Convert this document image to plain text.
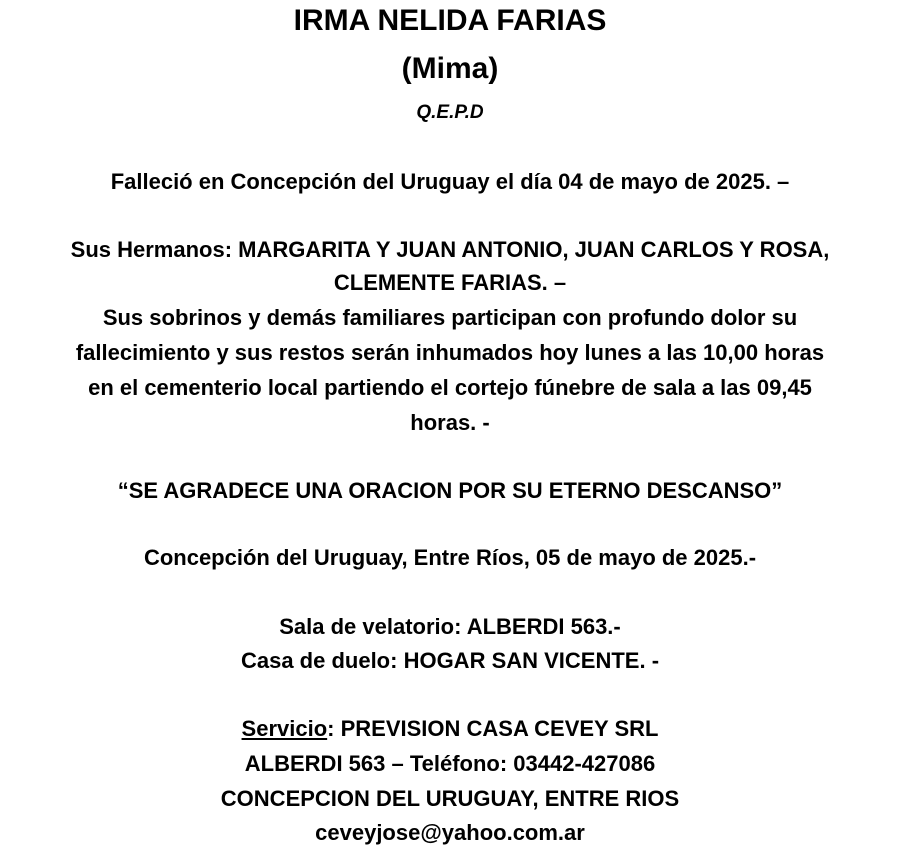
IRMA NELIDA FARIAS
(Mima)
Q.E.P.D
Falleció en Concepción del Uruguay el día 04 de mayo de 2025. –
Sus Hermanos: MARGARITA Y JUAN ANTONIO, JUAN CARLOS Y ROSA,
CLEMENTE FARIAS. –
Sus sobrinos y demás familiares participan con profundo dolor su
fallecimiento y sus restos serán inhumados hoy lunes a las 10,00 horas
en el cementerio local partiendo el cortejo fúnebre de sala a las 09,45
horas. -
“SE AGRADECE UNA ORACION POR SU ETERNO DESCANSO”
Concepción del Uruguay, Entre Ríos, 05 de mayo de 2025.-
Sala de velatorio: ALBERDI 563.-
Casa de duelo: HOGAR SAN VICENTE. -
Servicio: PREVISION CASA CEVEY SRL
ALBERDI 563 – Teléfono: 03442-427086
CONCEPCION DEL URUGUAY, ENTRE RIOS
ceveyjose@yahoo.com.ar
